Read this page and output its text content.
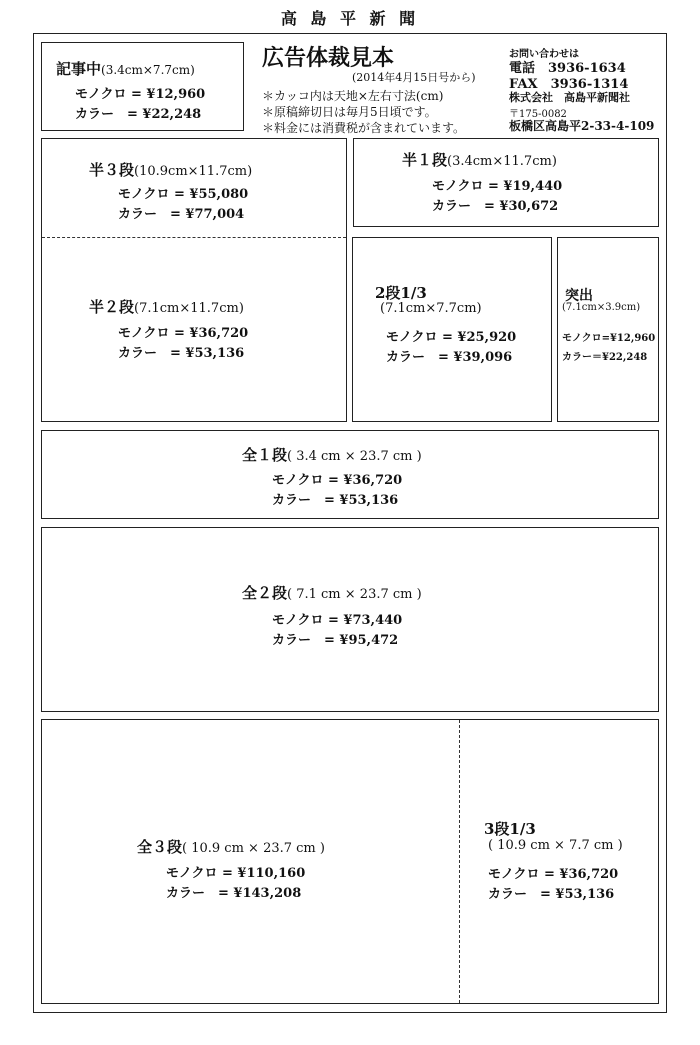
高 島 平 新 聞
記事中(3.4cm×7.7cm)
モノクロ = ¥12,960
カラー　= ¥22,248
広告体裁見本
(2014年4月15日号から)
＊カッコ内は天地×左右寸法(cm)
＊原稿締切日は毎月5日頃です。
＊料金には消費税が含まれています。
お問い合わせは
電話　3936-1634
FAX　3936-1314
株式会社　高島平新聞社
〒175-0082
板橋区高島平2-33-4-109
半３段(10.9cm×11.7cm)
モノクロ = ¥55,080
カラー　= ¥77,004
半２段(7.1cm×11.7cm)
モノクロ = ¥36,720
カラー　= ¥53,136
半１段(3.4cm×11.7cm)
モノクロ = ¥19,440
カラー　= ¥30,672
2段1/3
(7.1cm×7.7cm)
モノクロ = ¥25,920
カラー　= ¥39,096
突出
(7.1cm×3.9cm)
モノクロ=¥12,960
カラー＝¥22,248
全１段( 3.4 cm × 23.7 cm )
モノクロ = ¥36,720
カラー　= ¥53,136
全２段( 7.1 cm × 23.7 cm )
モノクロ = ¥73,440
カラー　= ¥95,472
全３段( 10.9 cm × 23.7 cm )
モノクロ = ¥110,160
カラー　= ¥143,208
3段1/3
( 10.9 cm × 7.7 cm )
モノクロ = ¥36,720
カラー　= ¥53,136
